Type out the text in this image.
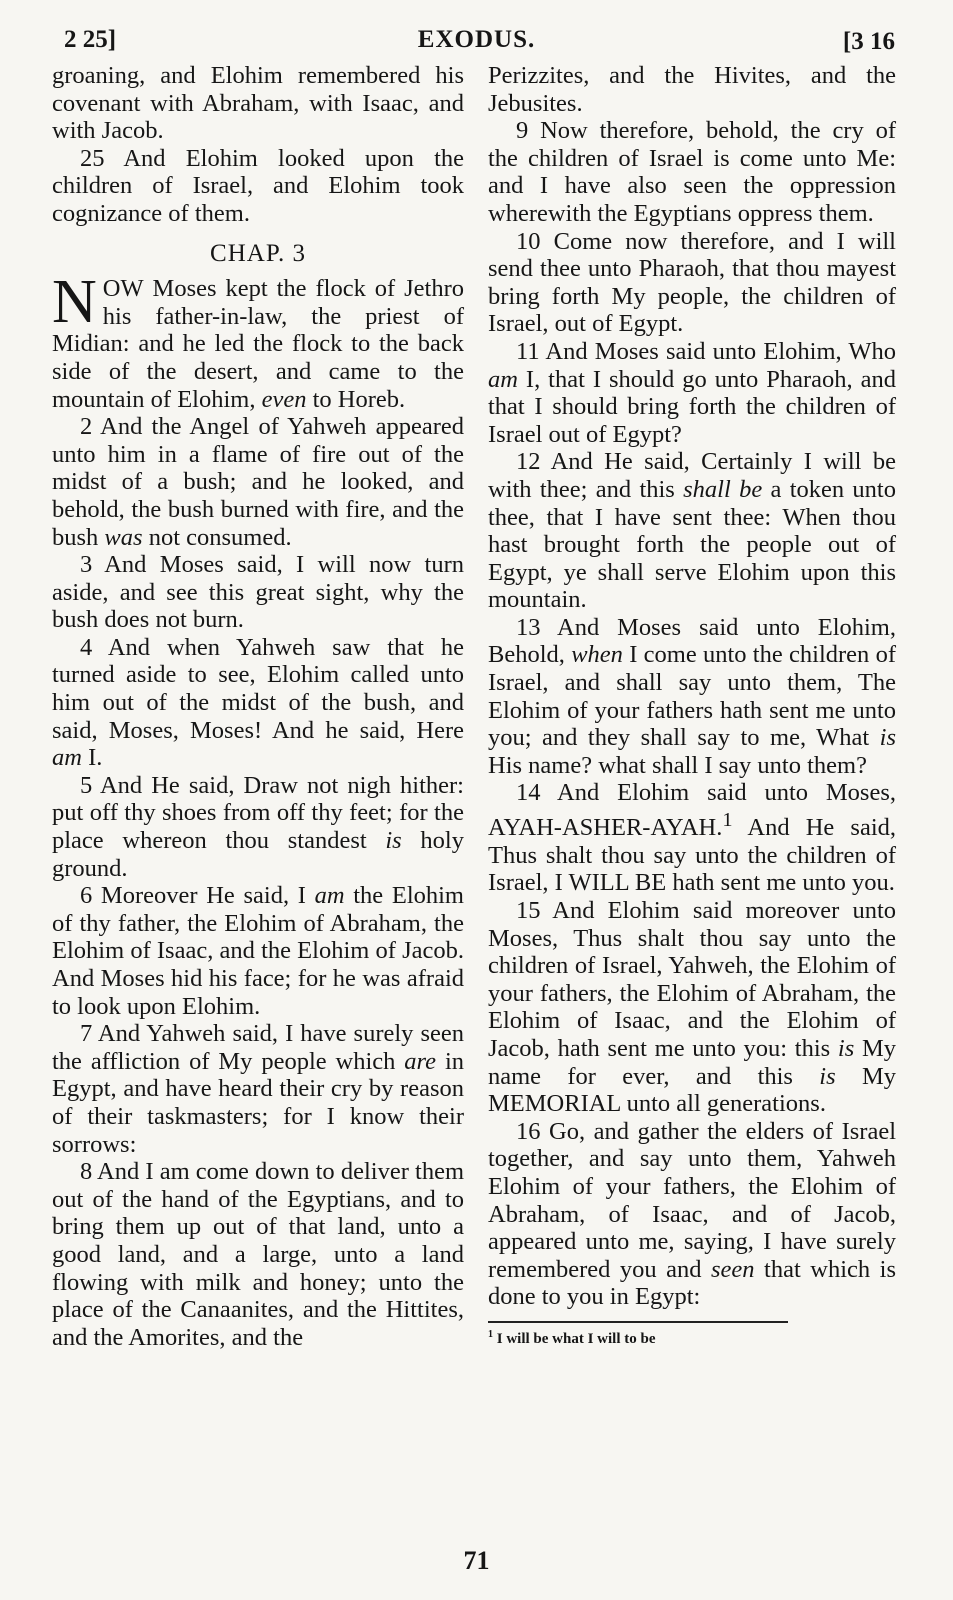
2 25]	EXODUS.	[3 16

groaning, and Elohim remembered his covenant with Abraham, with Isaac, and with Jacob.

25 And Elohim looked upon the children of Israel, and Elohim took cognizance of them.

CHAP. 3

NOW Moses kept the flock of Jethro his father-in-law, the priest of Midian: and he led the flock to the back side of the desert, and came to the mountain of Elohim, even to Horeb.

2 And the Angel of Yahweh appeared unto him in a flame of fire out of the midst of a bush; and he looked, and behold, the bush burned with fire, and the bush was not consumed.

3 And Moses said, I will now turn aside, and see this great sight, why the bush does not burn.

4 And when Yahweh saw that he turned aside to see, Elohim called unto him out of the midst of the bush, and said, Moses, Moses! And he said, Here am I.

5 And He said, Draw not nigh hither: put off thy shoes from off thy feet; for the place whereon thou standest is holy ground.

6 Moreover He said, I am the Elohim of thy father, the Elohim of Abraham, the Elohim of Isaac, and the Elohim of Jacob. And Moses hid his face; for he was afraid to look upon Elohim.

7 And Yahweh said, I have surely seen the affliction of My people which are in Egypt, and have heard their cry by reason of their taskmasters; for I know their sorrows:

8 And I am come down to deliver them out of the hand of the Egyptians, and to bring them up out of that land, unto a good land, and a large, unto a land flowing with milk and honey; unto the place of the Canaanites, and the Hittites, and the Amorites, and the

Perizzites, and the Hivites, and the Jebusites.

9 Now therefore, behold, the cry of the children of Israel is come unto Me: and I have also seen the oppression wherewith the Egyptians oppress them.

10 Come now therefore, and I will send thee unto Pharaoh, that thou mayest bring forth My people, the children of Israel, out of Egypt.

11 And Moses said unto Elohim, Who am I, that I should go unto Pharaoh, and that I should bring forth the children of Israel out of Egypt?

12 And He said, Certainly I will be with thee; and this shall be a token unto thee, that I have sent thee: When thou hast brought forth the people out of Egypt, ye shall serve Elohim upon this mountain.

13 And Moses said unto Elohim, Behold, when I come unto the children of Israel, and shall say unto them, The Elohim of your fathers hath sent me unto you; and they shall say to me, What is His name? what shall I say unto them?

14 And Elohim said unto Moses, AYAH-ASHER-AYAH.$^1$ And He said, Thus shalt thou say unto the children of Israel, I WILL BE hath sent me unto you.

15 And Elohim said moreover unto Moses, Thus shalt thou say unto the children of Israel, Yahweh, the Elohim of your fathers, the Elohim of Abraham, the Elohim of Isaac, and the Elohim of Jacob, hath sent me unto you: this is My name for ever, and this is My MEMORIAL unto all generations.

16 Go, and gather the elders of Israel together, and say unto them, Yahweh Elohim of your fathers, the Elohim of Abraham, of Isaac, and of Jacob, appeared unto me, saying, I have surely remembered you and seen that which is done to you in Egypt:

$^1$ I will be what I will to be
71
